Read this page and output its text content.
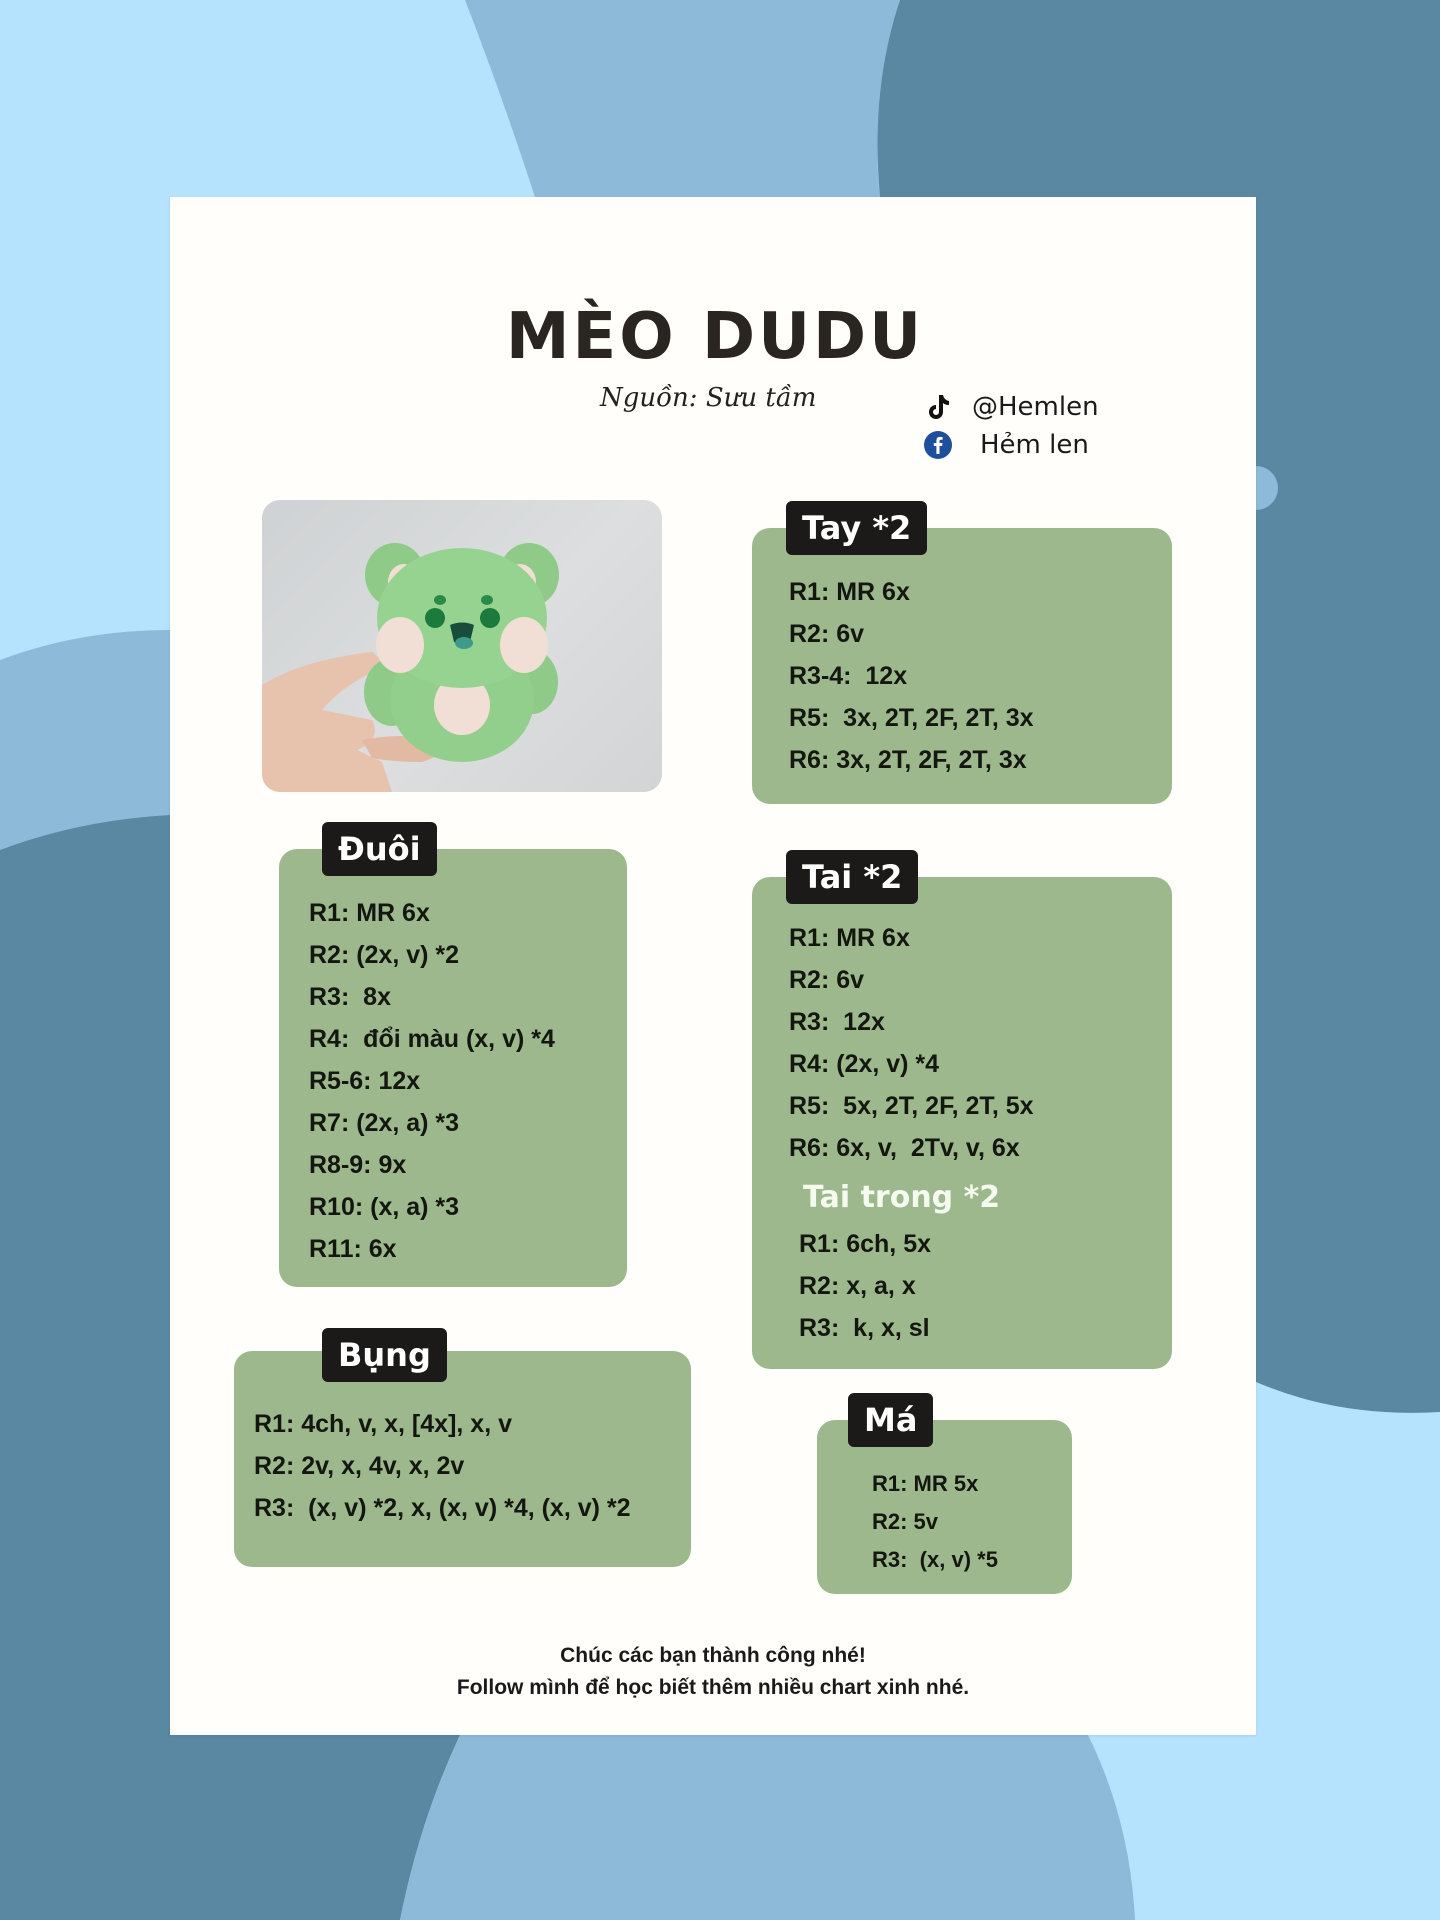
MÈO DUDU
Nguồn: Sưu tầm	@Hemlen
Hẻm len
Tay *2
R1: MR 6x
R2: 6v
R3-4:  12x
R5:  3x, 2T, 2F, 2T, 3x
R6: 3x, 2T, 2F, 2T, 3x
Đuôi
R1: MR 6x
R2: (2x, v) *2
R3:  8x
R4:  đổi màu (x, v) *4
R5-6: 12x
R7: (2x, a) *3
R8-9: 9x
R10: (x, a) *3
R11: 6x
Tai *2
R1: MR 6x
R2: 6v
R3:  12x
R4: (2x, v) *4
R5:  5x, 2T, 2F, 2T, 5x
R6: 6x, v,  2Tv, v, 6x
Tai trong *2
R1: 6ch, 5x
R2: x, a, x
R3:  k, x, sl
Bụng
R1: 4ch, v, x, [4x], x, v
R2: 2v, x, 4v, x, 2v
R3:  (x, v) *2, x, (x, v) *4, (x, v) *2
Má
R1: MR 5x
R2: 5v
R3:  (x, v) *5
Chúc các bạn thành công nhé!
Follow mình để học biết thêm nhiều chart xinh nhé.
